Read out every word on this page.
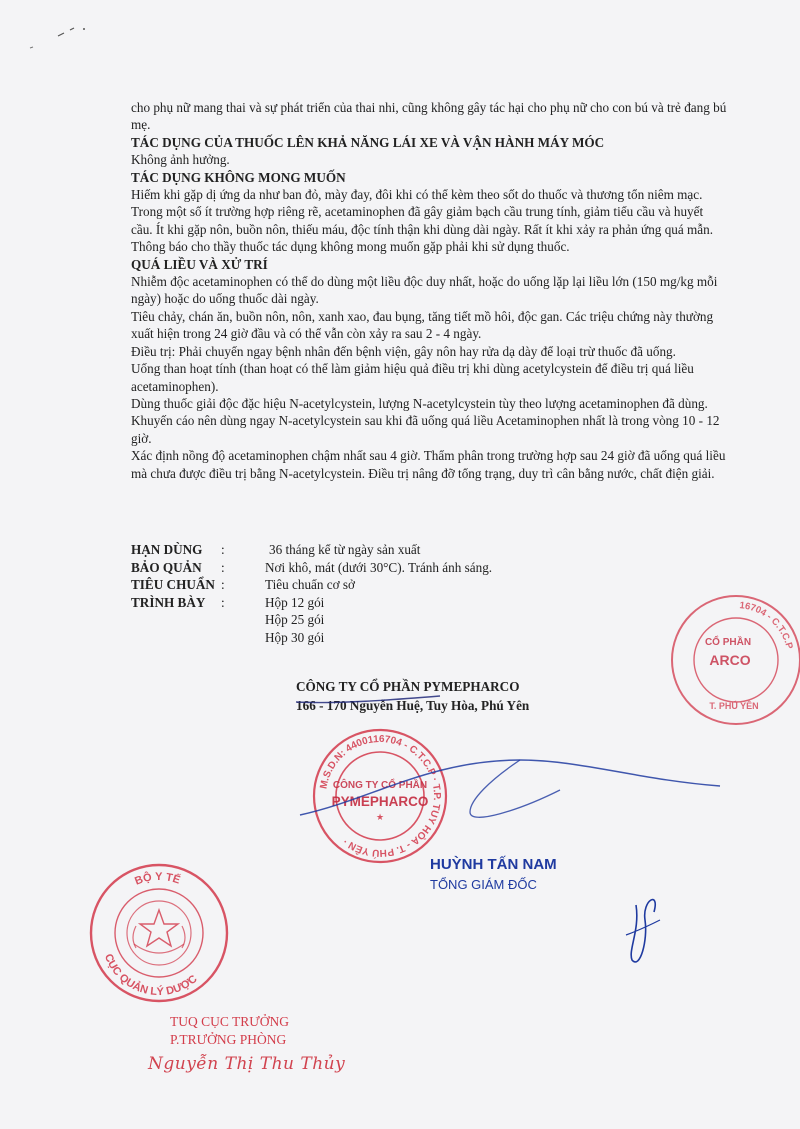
cho phụ nữ mang thai và sự phát triển của thai nhi, cũng không gây tác hại cho phụ nữ cho con bú và trẻ đang bú mẹ.

TÁC DỤNG CỦA THUỐC LÊN KHẢ NĂNG LÁI XE VÀ VẬN HÀNH MÁY MÓC

Không ảnh hưởng.

TÁC DỤNG KHÔNG MONG MUỐN

Hiếm khi gặp dị ứng da như ban đỏ, mày đay, đôi khi có thể kèm theo sốt do thuốc và thương tổn niêm mạc.

Trong một số ít trường hợp riêng rẽ, acetaminophen đã gây giảm bạch cầu trung tính, giảm tiểu cầu và huyết cầu. Ít khi gặp nôn, buồn nôn, thiếu máu, độc tính thận khi dùng dài ngày. Rất ít khi xảy ra phản ứng quá mẫn.

Thông báo cho thầy thuốc tác dụng không mong muốn gặp phải khi sử dụng thuốc.

QUÁ LIỀU VÀ XỬ TRÍ

Nhiễm độc acetaminophen có thể do dùng một liều độc duy nhất, hoặc do uống lặp lại liều lớn (150 mg/kg mỗi ngày) hoặc do uống thuốc dài ngày.

Tiêu chảy, chán ăn, buồn nôn, nôn, xanh xao, đau bụng, tăng tiết mồ hôi, độc gan. Các triệu chứng này thường xuất hiện trong 24 giờ đầu và có thể vẫn còn xảy ra sau 2 - 4 ngày.

Điều trị: Phải chuyển ngay bệnh nhân đến bệnh viện, gây nôn hay rửa dạ dày để loại trừ thuốc đã uống.

Uống than hoạt tính (than hoạt có thể làm giảm hiệu quả điều trị khi dùng acetylcystein để điều trị quá liều acetaminophen).

Dùng thuốc giải độc đặc hiệu N-acetylcystein, lượng N-acetylcystein tùy theo lượng acetaminophen đã dùng.

Khuyến cáo nên dùng ngay N-acetylcystein sau khi đã uống quá liều Acetaminophen nhất là trong vòng 10 - 12 giờ.

Xác định nồng độ acetaminophen chậm nhất sau 4 giờ. Thẩm phân trong trường hợp sau 24 giờ đã uống quá liều mà chưa được điều trị bằng N-acetylcystein. Điều trị nâng đỡ tổng trạng, duy trì cân bằng nước, chất điện giải.

HẠN DÙNG	:	36 tháng kể từ ngày sản xuất
BẢO QUẢN	:	Nơi khô, mát (dưới 30°C). Tránh ánh sáng.
TIÊU CHUẨN :	Tiêu chuẩn cơ sở
TRÌNH BÀY	:	Hộp 12 gói
Hộp 25 gói
Hộp 30 gói
CÔNG TY CỔ PHẦN PYMEPHARCO
166 - 170 Nguyễn Huệ, Tuy Hòa, Phú Yên
M.S.D.N: 4400116704 - C.T.C.P · T.P. TUY HÒA - T. PHÚ YÊN ·
CÔNG TY CỔ PHẦN
PYMEPHARCO
★
16704 - C.T.C.P
CỔ PHẦN
ARCO
T. PHÚ YÊN
BỘ Y TẾ
CỤC QUẢN LÝ DƯỢC
HUỲNH TẤN NAM
TỔNG GIÁM ĐỐC
TUQ CỤC TRƯỞNG
P.TRƯỞNG PHÒNG
Nguyễn Thị Thu Thủy
